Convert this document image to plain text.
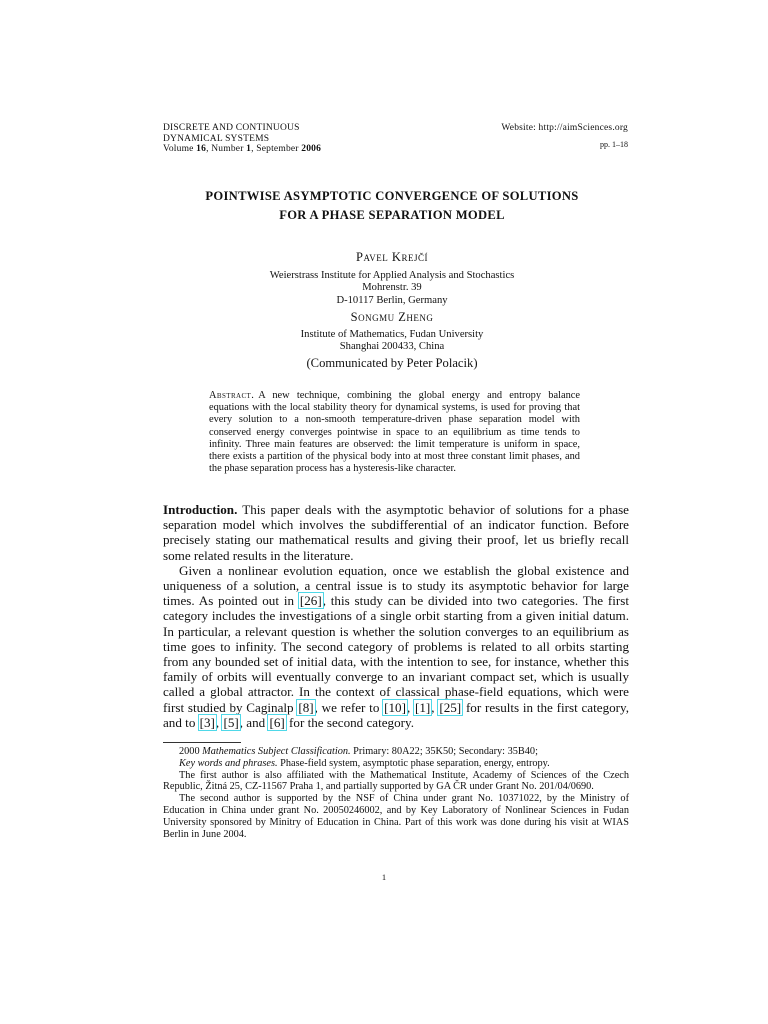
DISCRETE AND CONTINUOUS
DYNAMICAL SYSTEMS
Volume 16, Number 1, September 2006
Website: http://aimSciences.org
pp. 1–18
POINTWISE ASYMPTOTIC CONVERGENCE OF SOLUTIONS
FOR A PHASE SEPARATION MODEL
Pavel Krejčí
Weierstrass Institute for Applied Analysis and Stochastics
Mohrenstr. 39
D-10117 Berlin, Germany
Songmu Zheng
Institute of Mathematics, Fudan University
Shanghai 200433, China
(Communicated by Peter Polacik)
Abstract. A new technique, combining the global energy and entropy balance equations with the local stability theory for dynamical systems, is used for proving that every solution to a non-smooth temperature-driven phase separation model with conserved energy converges pointwise in space to an equilibrium as time tends to infinity. Three main features are observed: the limit temperature is uniform in space, there exists a partition of the physical body into at most three constant limit phases, and the phase separation process has a hysteresis-like character.

Introduction. This paper deals with the asymptotic behavior of solutions for a phase separation model which involves the subdifferential of an indicator function. Before precisely stating our mathematical results and giving their proof, let us briefly recall some related results in the literature.

Given a nonlinear evolution equation, once we establish the global existence and uniqueness of a solution, a central issue is to study its asymptotic behavior for large times. As pointed out in [26], this study can be divided into two categories. The first category includes the investigations of a single orbit starting from a given initial datum. In particular, a relevant question is whether the solution converges to an equilibrium as time goes to infinity. The second category of problems is related to all orbits starting from any bounded set of initial data, with the intention to see, for instance, whether this family of orbits will eventually converge to an invariant compact set, which is usually called a global attractor. In the context of classical phase-field equations, which were first studied by Caginalp [8], we refer to [10], [1], [25] for results in the first category, and to [3], [5], and [6] for the second category.

2000 Mathematics Subject Classification. Primary: 80A22; 35K50; Secondary: 35B40;

Key words and phrases. Phase-field system, asymptotic phase separation, energy, entropy.

The first author is also affiliated with the Mathematical Institute, Academy of Sciences of the Czech Republic, Žitná 25, CZ-11567 Praha 1, and partially supported by GA ČR under Grant No. 201/04/0690.

The second author is supported by the NSF of China under grant No. 10371022, by the Ministry of Education in China under grant No. 20050246002, and by Key Laboratory of Nonlinear Sciences in Fudan University sponsored by Minitry of Education in China. Part of this work was done during his visit at WIAS Berlin in June 2004.

1
